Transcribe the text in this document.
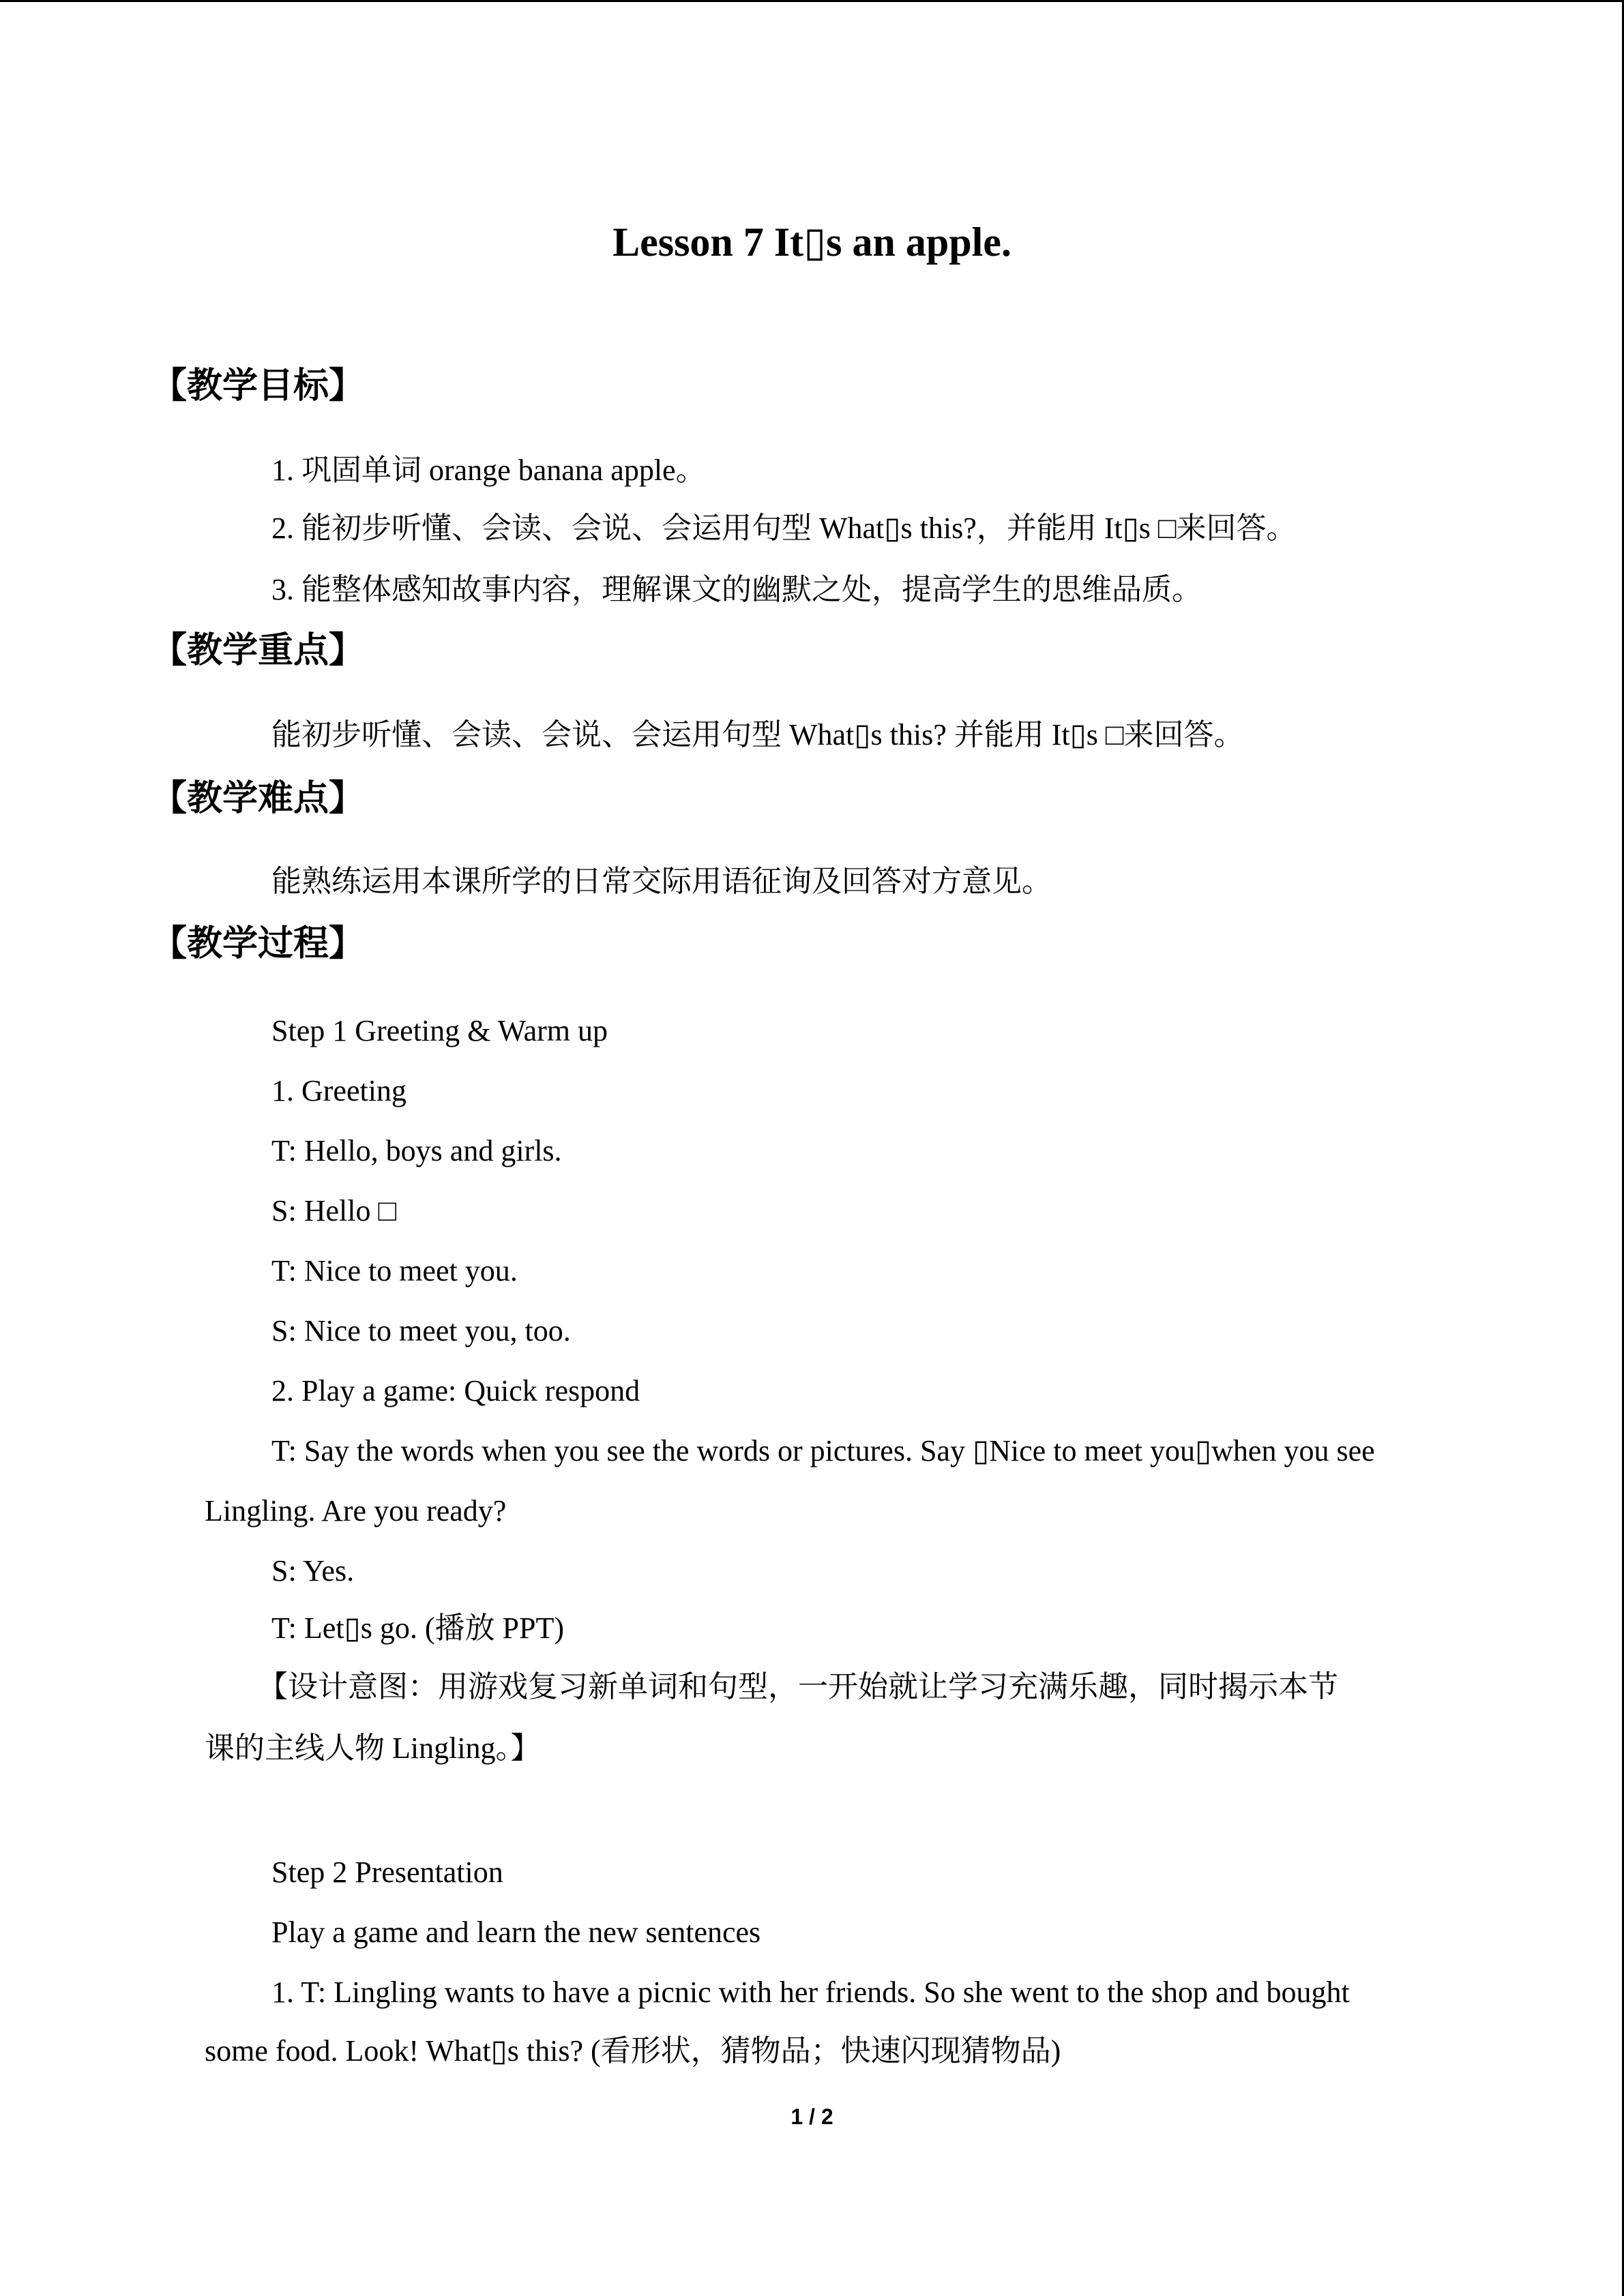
Lesson 7 It▯s an apple.
【教学目标】
1. 巩固单词 orange banana apple。
2. 能初步听懂、会读、会说、会运用句型 What▯s this?，并能用 It▯s □来回答。
3. 能整体感知故事内容，理解课文的幽默之处，提高学生的思维品质。
【教学重点】
能初步听懂、会读、会说、会运用句型 What▯s this? 并能用 It▯s □来回答。
【教学难点】
能熟练运用本课所学的日常交际用语征询及回答对方意见。
【教学过程】
Step 1 Greeting & Warm up
1. Greeting
T: Hello, boys and girls.
S: Hello □
T: Nice to meet you.
S: Nice to meet you, too.
2. Play a game: Quick respond
T: Say the words when you see the words or pictures. Say ▯Nice to meet you▯when you see
Lingling. Are you ready?
S: Yes.
T: Let▯s go. (播放 PPT)
【设计意图：用游戏复习新单词和句型，一开始就让学习充满乐趣，同时揭示本节
课的主线人物 Lingling。】
Step 2 Presentation
Play a game and learn the new sentences
1. T: Lingling wants to have a picnic with her friends. So she went to the shop and bought
some food. Look! What▯s this? (看形状，猜物品；快速闪现猜物品)
1 / 2
